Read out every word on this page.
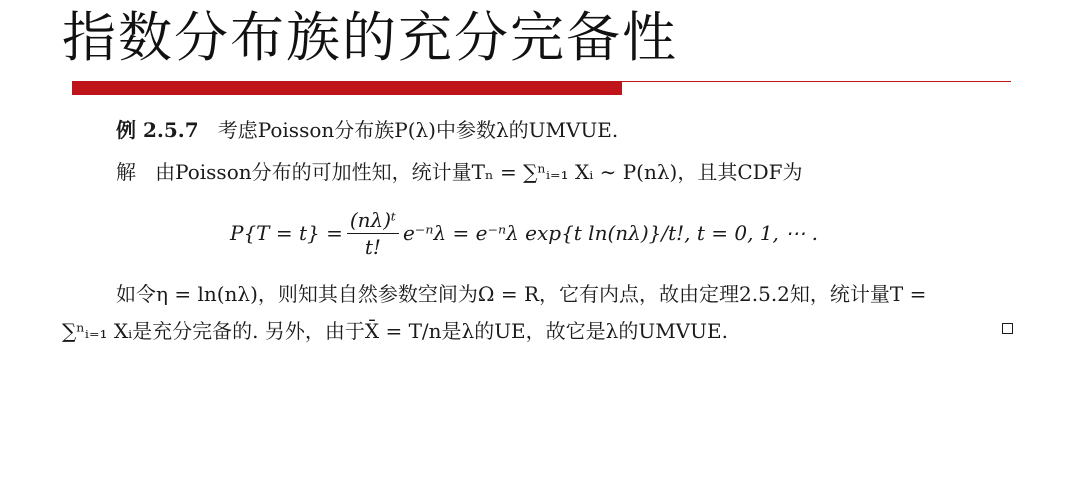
指数分布族的充分完备性
例 2.5.7 考虑Poisson分布族P(λ)中参数λ的UMVUE.
解 由Poisson分布的可加性知，统计量Tₙ = ∑ⁿᵢ₌₁ Xᵢ ∼ P(nλ)，且其CDF为
$P\{T = t\} = \frac{\text{(nλ)ᵗ}}{t!} e^{-n}\lambda = e^{-n}\lambda$ exp{t ln(nλ)}/t!, t = 0, 1, ⋯ .
如令η = ln(nλ)，则知其自然参数空间为Ω = R，它有内点，故由定理2.5.2知，统计量T =
∑ⁿᵢ₌₁ Xᵢ是充分完备的. 另外，由于X̄ = T/n是λ的UE，故它是λ的UMVUE.
